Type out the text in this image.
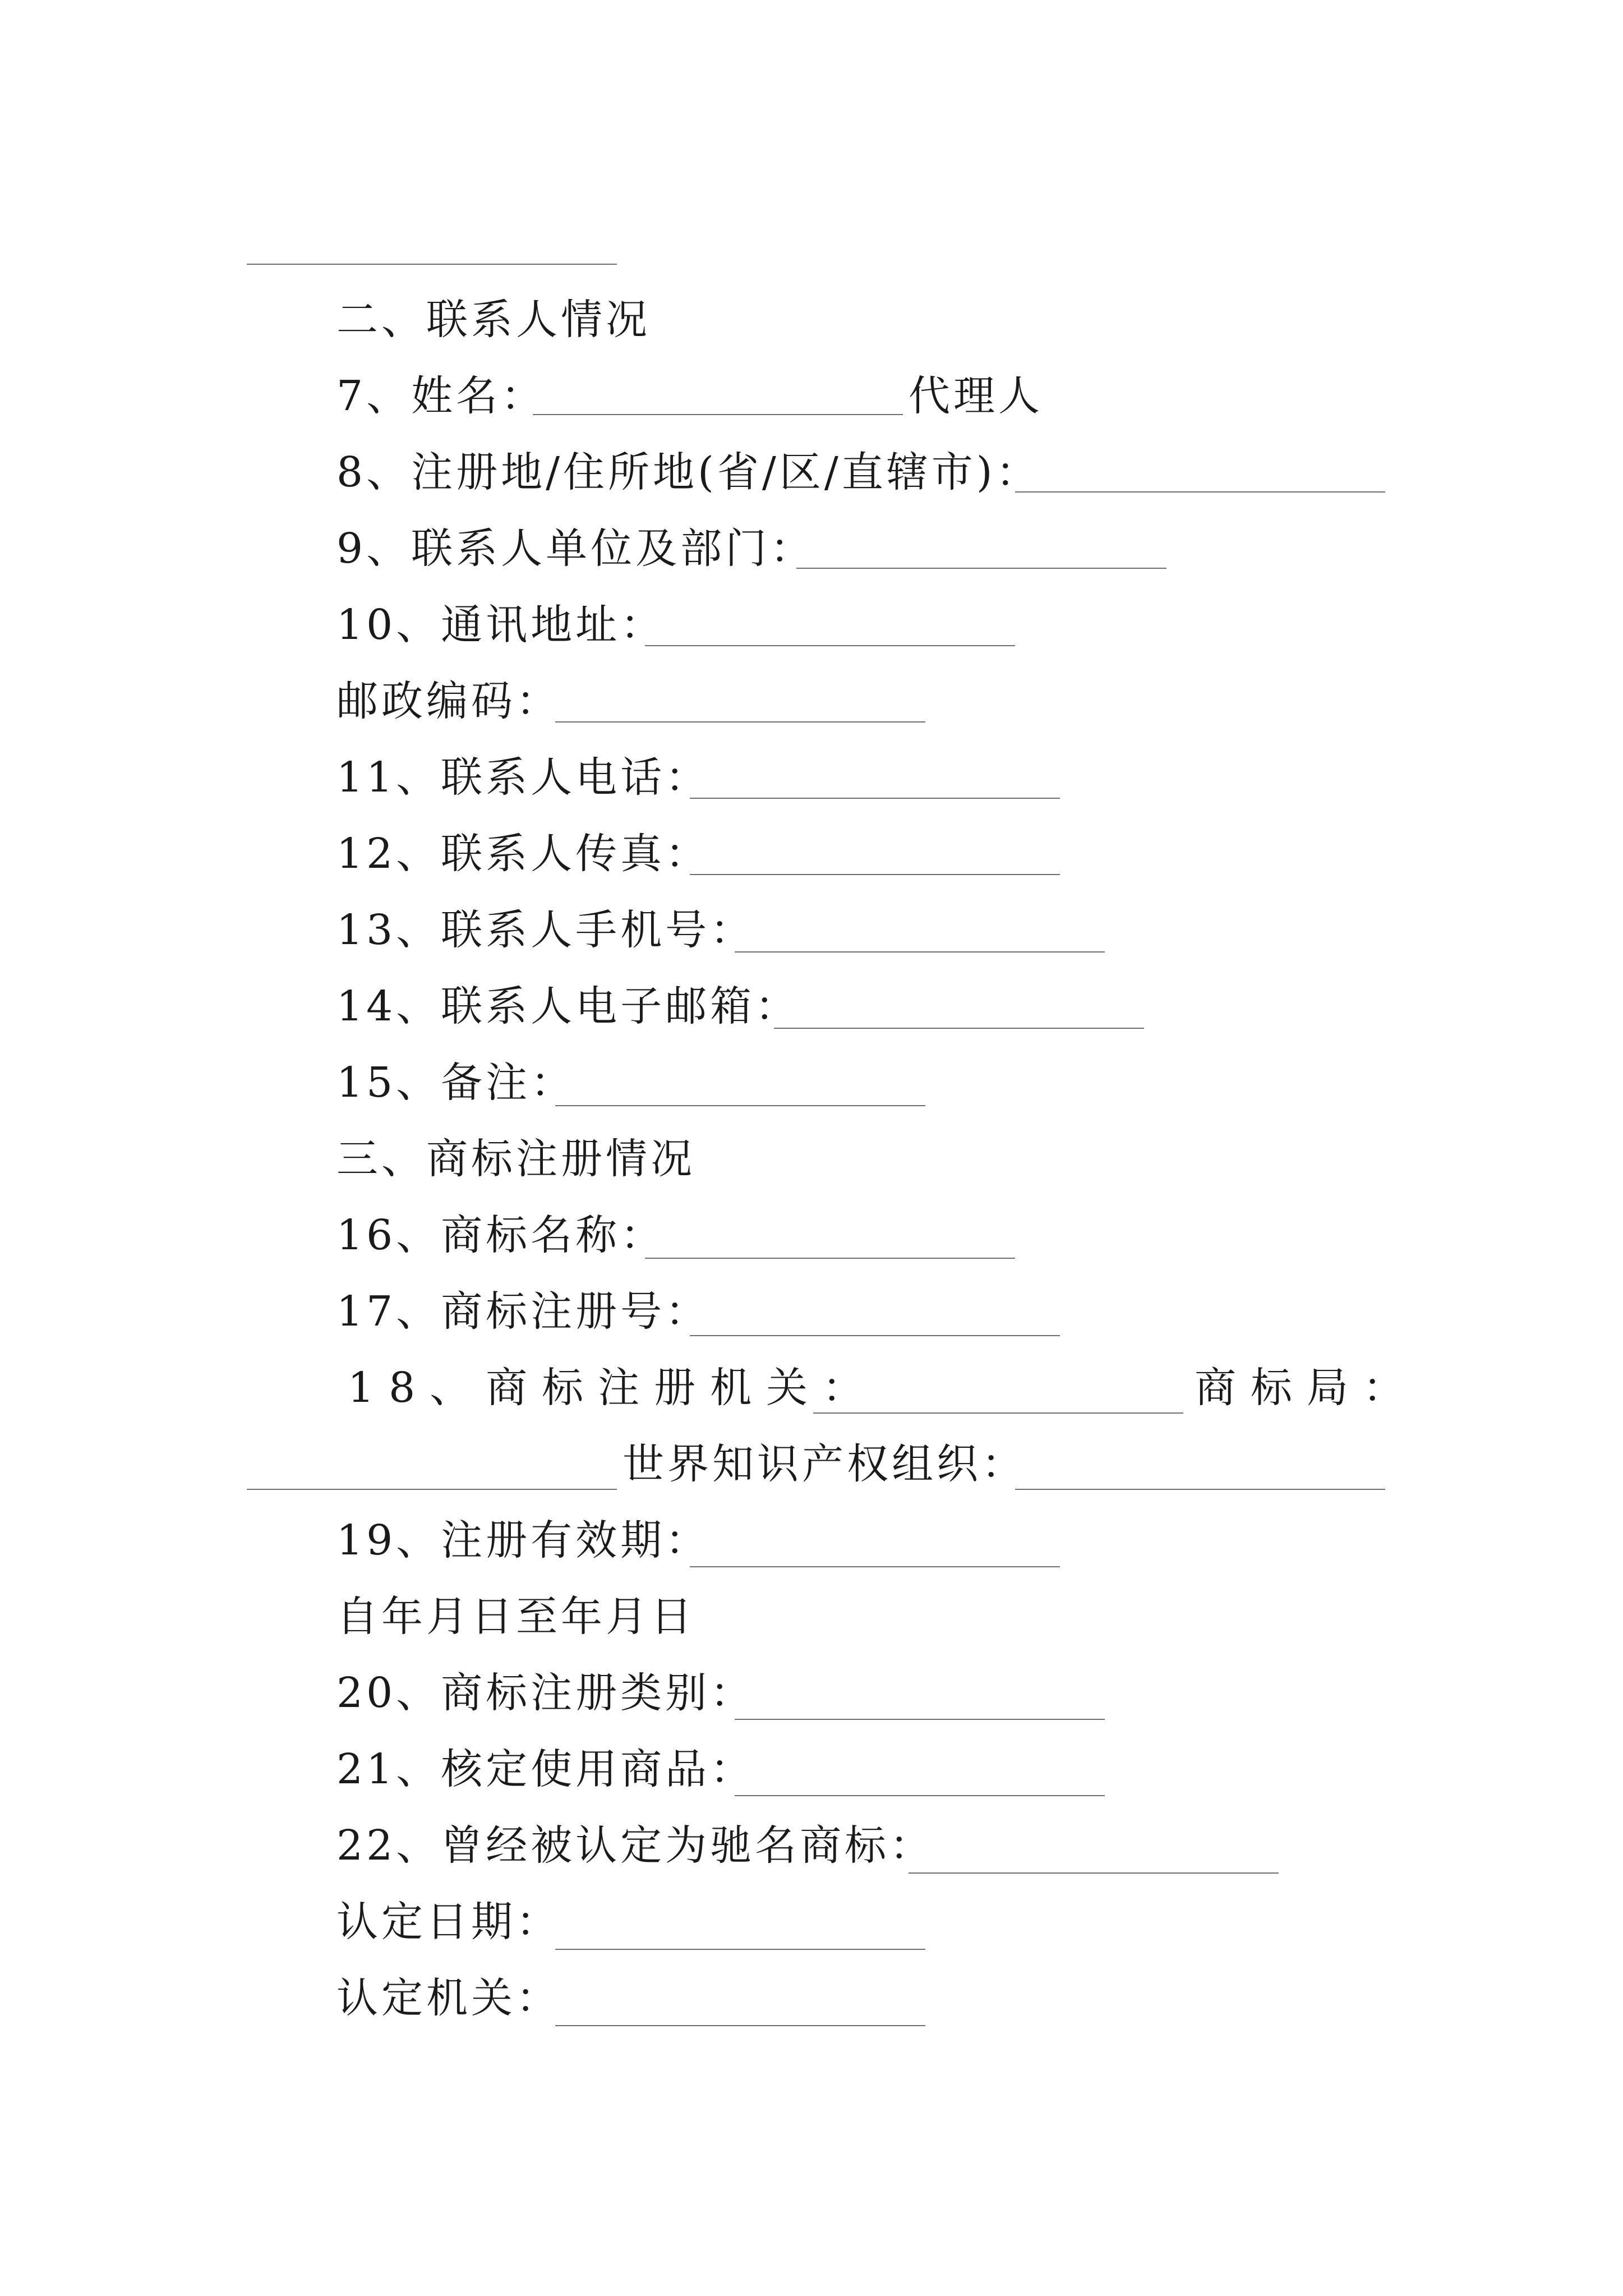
二、联系人情况
7、姓名：	代理人
8、注册地/住所地(省/区/直辖市)：
9、联系人单位及部门：
10、通讯地址：
邮政编码：
11、联系人电话：
12、联系人传真：
13、联系人手机号：
14、联系人电子邮箱：
15、备注：
三、商标注册情况
16、商标名称：
17、商标注册号：
18、商标注册机关：	商标局：
世界知识产权组织：
19、注册有效期：
自年月日至年月日
20、商标注册类别：
21、核定使用商品：
22、曾经被认定为驰名商标：
认定日期：
认定机关：
